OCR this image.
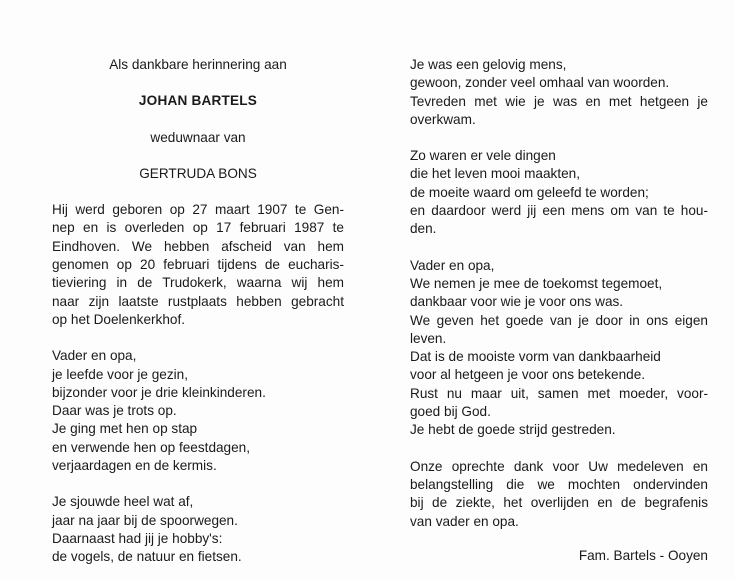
Als dankbare herinnering aan
JOHAN BARTELS
weduwnaar van
GERTRUDA BONS
Hij werd geboren op 27 maart 1907 te Gen-
nep en is overleden op 17 februari 1987 te
Eindhoven. We hebben afscheid van hem
genomen op 20 februari tijdens de eucharis-
tieviering in de Trudokerk, waarna wij hem
naar zijn laatste rustplaats hebben gebracht
op het Doelenkerkhof.
Vader en opa,
je leefde voor je gezin,
bijzonder voor je drie kleinkinderen.
Daar was je trots op.
Je ging met hen op stap
en verwende hen op feestdagen,
verjaardagen en de kermis.
Je sjouwde heel wat af,
jaar na jaar bij de spoorwegen.
Daarnaast had jij je hobby's:
de vogels, de natuur en fietsen.
Je was een gelovig mens,
gewoon, zonder veel omhaal van woorden.
Tevreden met wie je was en met hetgeen je
overkwam.
Zo waren er vele dingen
die het leven mooi maakten,
de moeite waard om geleefd te worden;
en daardoor werd jij een mens om van te hou-
den.
Vader en opa,
We nemen je mee de toekomst tegemoet,
dankbaar voor wie je voor ons was.
We geven het goede van je door in ons eigen
leven.
Dat is de mooiste vorm van dankbaarheid
voor al hetgeen je voor ons betekende.
Rust nu maar uit, samen met moeder, voor-
goed bij God.
Je hebt de goede strijd gestreden.
Onze oprechte dank voor Uw medeleven en
belangstelling die we mochten ondervinden
bij de ziekte, het overlijden en de begrafenis
van vader en opa.
Fam. Bartels - Ooyen
